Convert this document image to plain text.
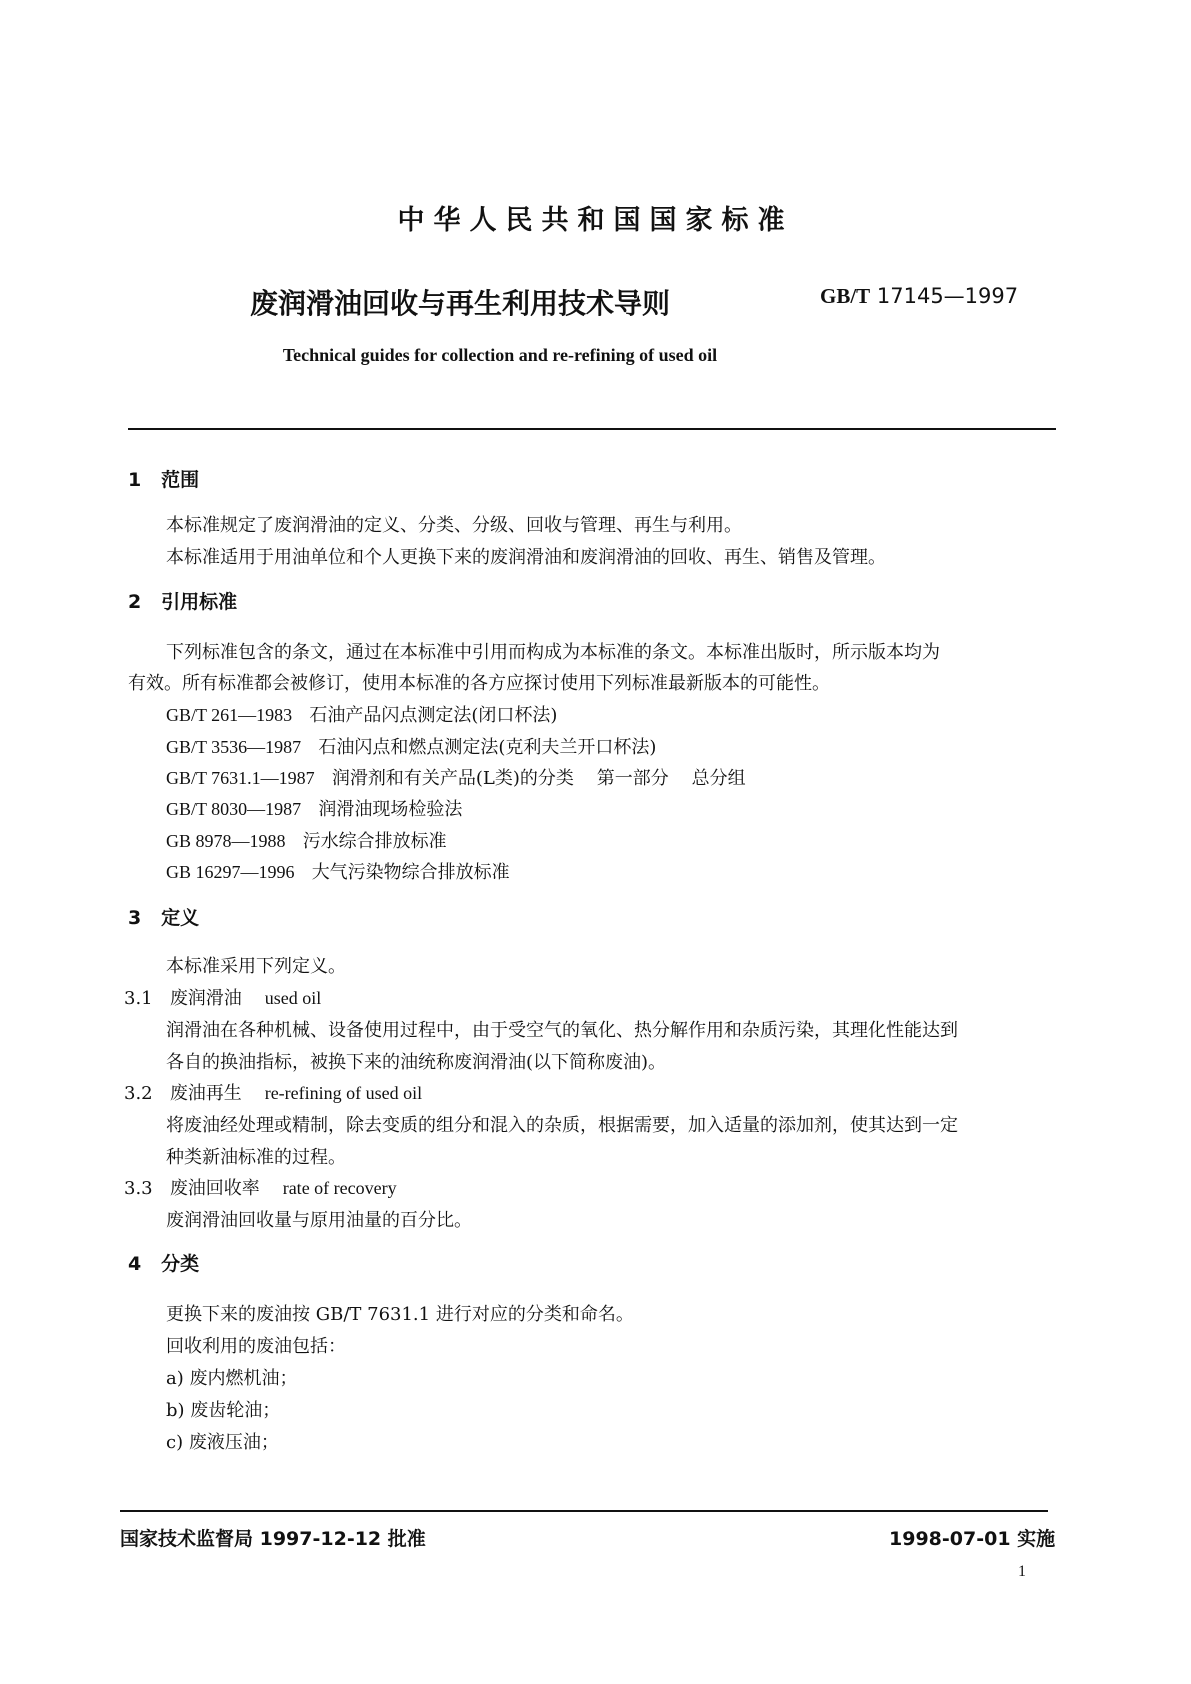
中华人民共和国国家标准
废润滑油回收与再生利用技术导则	GB/T 17145—1997
Technical guides for collection and re-refining of used oil
1 范围
本标准规定了废润滑油的定义、分类、分级、回收与管理、再生与利用。
本标准适用于用油单位和个人更换下来的废润滑油和废润滑油的回收、再生、销售及管理。
2 引用标准
下列标准包含的条文，通过在本标准中引用而构成为本标准的条文。本标准出版时，所示版本均为
有效。所有标准都会被修订，使用本标准的各方应探讨使用下列标准最新版本的可能性。
GB/T 261—1983 石油产品闪点测定法(闭口杯法)
GB/T 3536—1987 石油闪点和燃点测定法(克利夫兰开口杯法)
GB/T 7631.1—1987 润滑剂和有关产品(L类)的分类 第一部分 总分组
GB/T 8030—1987 润滑油现场检验法
GB 8978—1988 污水综合排放标准
GB 16297—1996 大气污染物综合排放标准
3 定义
本标准采用下列定义。
3.1 废润滑油 used oil
润滑油在各种机械、设备使用过程中，由于受空气的氧化、热分解作用和杂质污染，其理化性能达到
各自的换油指标，被换下来的油统称废润滑油(以下简称废油)。
3.2 废油再生 re-refining of used oil
将废油经处理或精制，除去变质的组分和混入的杂质，根据需要，加入适量的添加剂，使其达到一定
种类新油标准的过程。
3.3 废油回收率 rate of recovery
废润滑油回收量与原用油量的百分比。
4 分类
更换下来的废油按 GB/T 7631.1 进行对应的分类和命名。
回收利用的废油包括：
a) 废内燃机油；
b) 废齿轮油；
c) 废液压油；
国家技术监督局 1997-12-12 批准	1998-07-01 实施
1
